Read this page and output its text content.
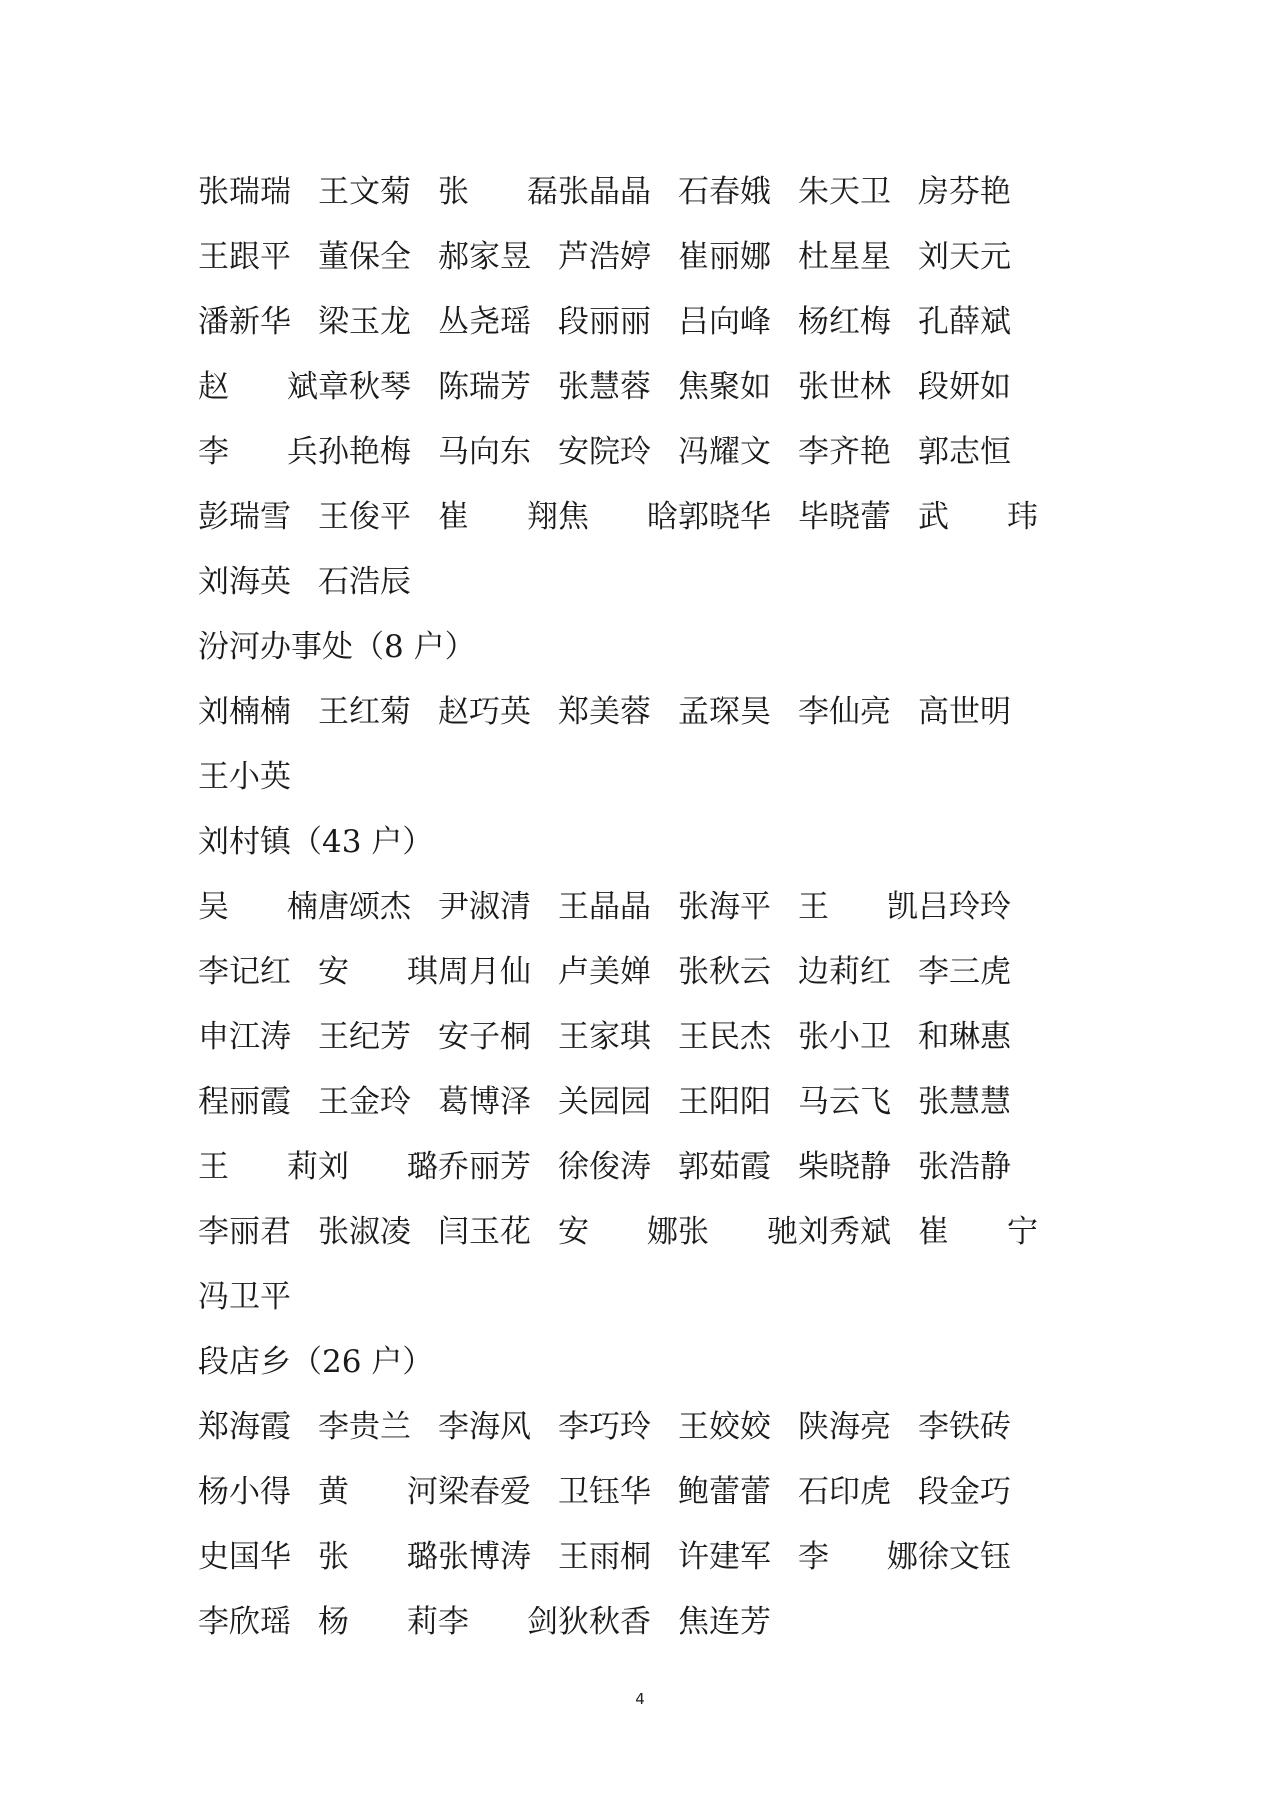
张瑞瑞 王文菊 张 磊 张晶晶 石春娥 朱天卫 房芬艳
王跟平 董保全 郝家昱 芦浩婷 崔丽娜 杜星星 刘天元
潘新华 梁玉龙 丛尧瑶 段丽丽 吕向峰 杨红梅 孔薛斌
赵 斌 章秋琴 陈瑞芳 张慧蓉 焦聚如 张世林 段妍如
李 兵 孙艳梅 马向东 安院玲 冯耀文 李齐艳 郭志恒
彭瑞雪 王俊平 崔 翔 焦 晗 郭晓华 毕晓蕾 武 玮
刘海英 石浩辰
汾河办事处（8 户）
刘楠楠 王红菊 赵巧英 郑美蓉 孟琛昊 李仙亮 高世明
王小英
刘村镇（43 户）
吴 楠 唐颂杰 尹淑清 王晶晶 张海平 王 凯 吕玲玲
李记红 安 琪 周月仙 卢美婵 张秋云 边莉红 李三虎
申江涛 王纪芳 安子桐 王家琪 王民杰 张小卫 和琳惠
程丽霞 王金玲 葛博泽 关园园 王阳阳 马云飞 张慧慧
王 莉 刘 璐 乔丽芳 徐俊涛 郭茹霞 柴晓静 张浩静
李丽君 张淑凌 闫玉花 安 娜 张 驰 刘秀斌 崔 宁
冯卫平
段店乡（26 户）
郑海霞 李贵兰 李海风 李巧玲 王姣姣 陕海亮 李铁砖
杨小得 黄 河 梁春爱 卫钰华 鲍蕾蕾 石印虎 段金巧
史国华 张 璐 张博涛 王雨桐 许建军 李 娜 徐文钰
李欣瑶 杨 莉 李 剑 狄秋香 焦连芳
4
